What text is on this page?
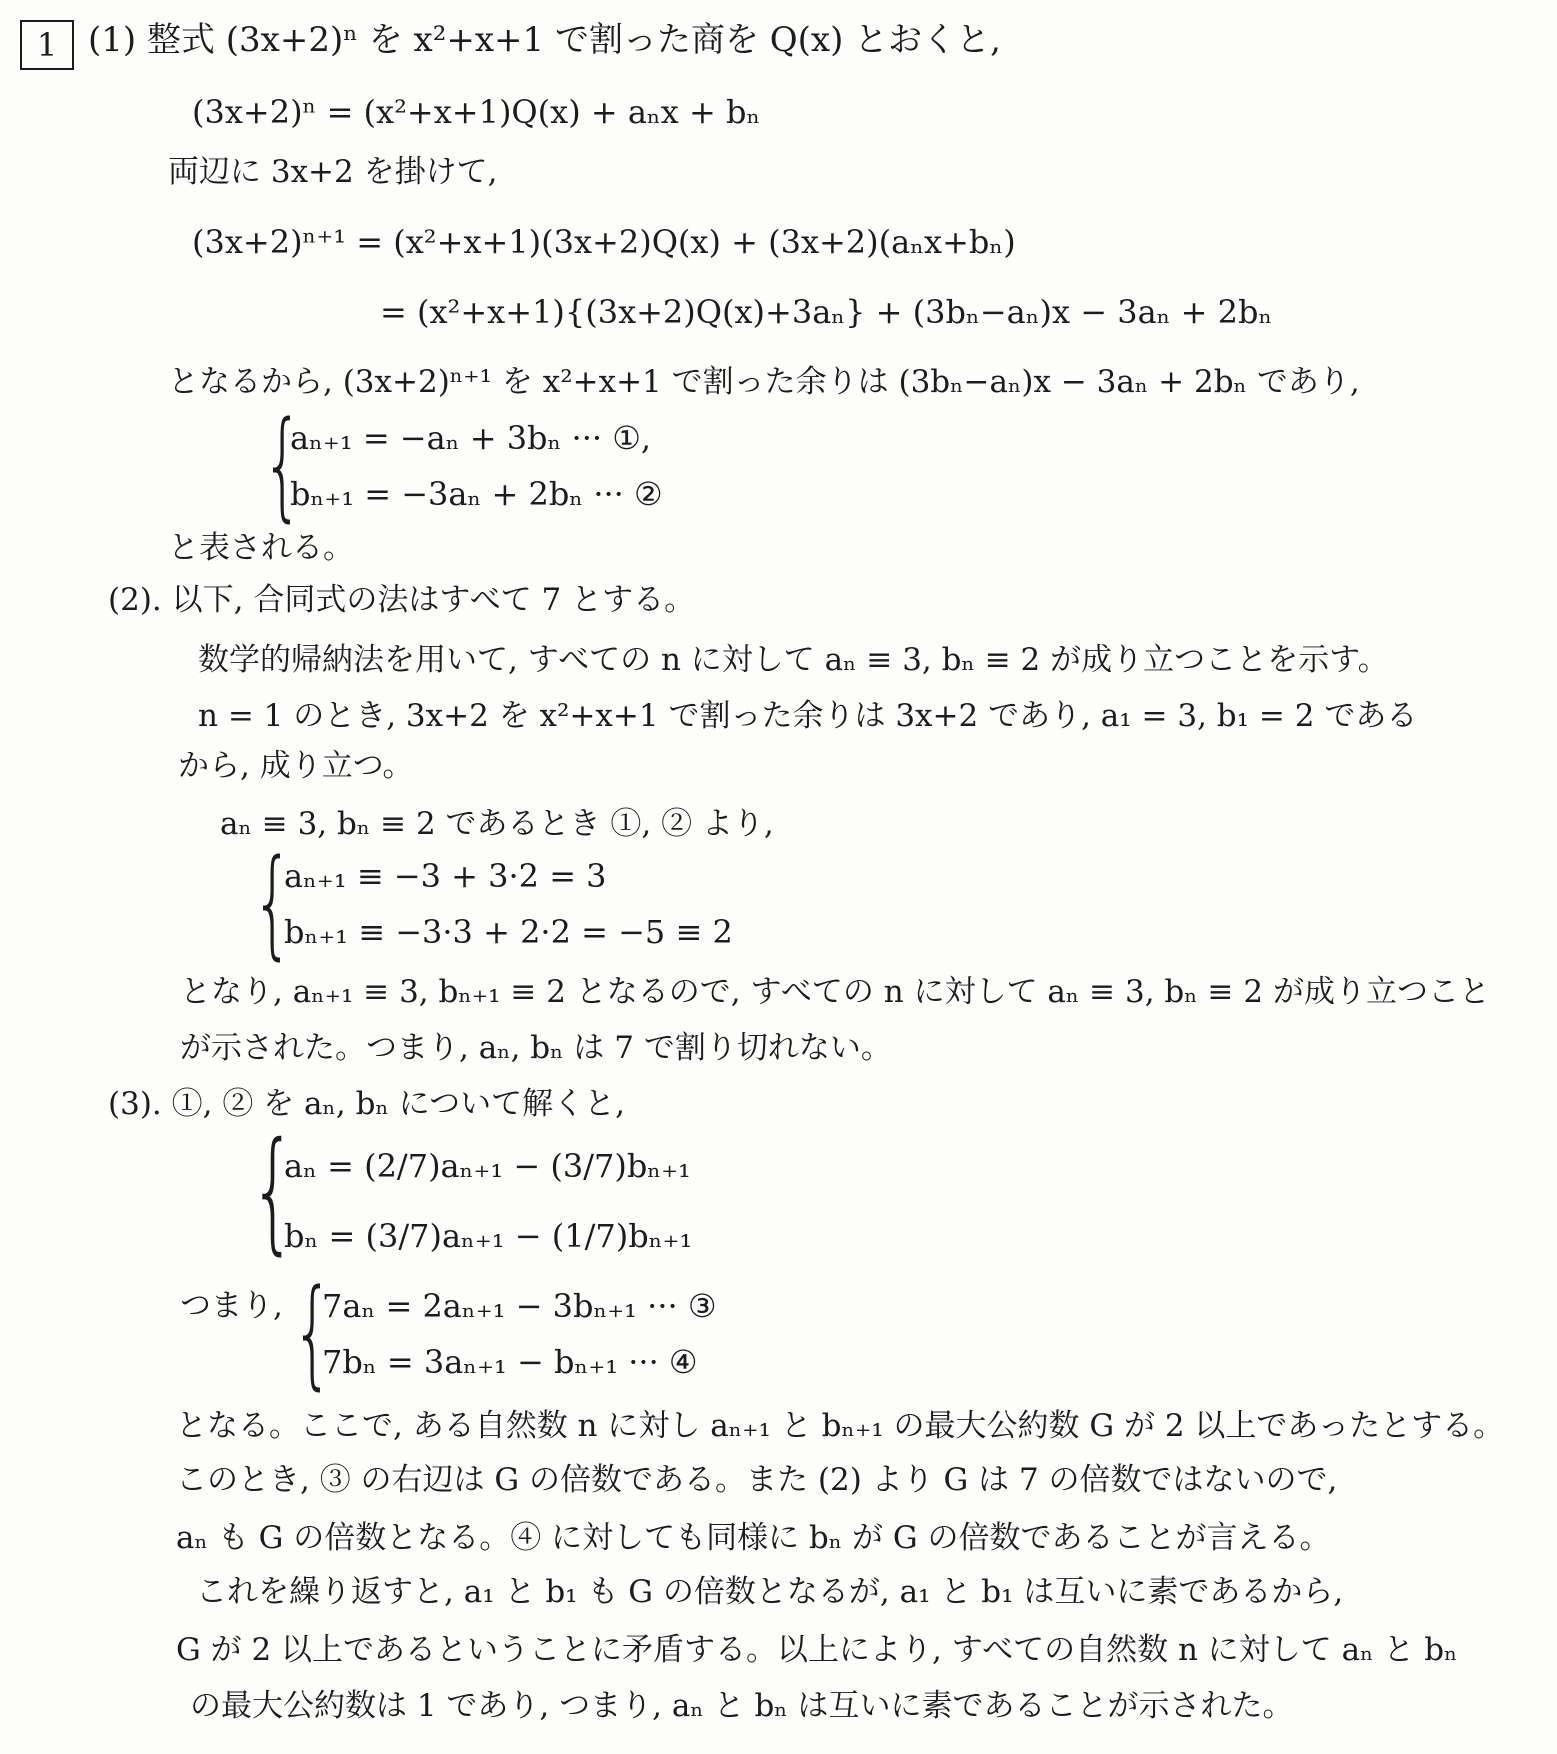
1 (1) 整式 (3x+2)ⁿ を x²+x+1 で割った商を Q(x) とおくと,
(3x+2)ⁿ = (x²+x+1)Q(x) + aₙx + bₙ
両辺に 3x+2 を掛けて,
(3x+2)ⁿ⁺¹ = (x²+x+1)(3x+2)Q(x) + (3x+2)(aₙx+bₙ)
= (x²+x+1){(3x+2)Q(x)+3aₙ} + (3bₙ−aₙ)x − 3aₙ + 2bₙ
となるから, (3x+2)ⁿ⁺¹ を x²+x+1 で割った余りは (3bₙ−aₙ)x − 3aₙ + 2bₙ であり,
{
aₙ₊₁ = −aₙ + 3bₙ ··· ①,
bₙ₊₁ = −3aₙ + 2bₙ ··· ②
と表される。
(2). 以下, 合同式の法はすべて 7 とする。
数学的帰納法を用いて, すべての n に対して aₙ ≡ 3, bₙ ≡ 2 が成り立つことを示す。
n = 1 のとき, 3x+2 を x²+x+1 で割った余りは 3x+2 であり, a₁ = 3, b₁ = 2 である
から, 成り立つ。
aₙ ≡ 3, bₙ ≡ 2 であるとき ①, ② より,
{
aₙ₊₁ ≡ −3 + 3·2 = 3
bₙ₊₁ ≡ −3·3 + 2·2 = −5 ≡ 2
となり, aₙ₊₁ ≡ 3, bₙ₊₁ ≡ 2 となるので, すべての n に対して aₙ ≡ 3, bₙ ≡ 2 が成り立つこと
が示された。つまり, aₙ, bₙ は 7 で割り切れない。
(3). ①, ② を aₙ, bₙ について解くと,
{
aₙ = (2/7)aₙ₊₁ − (3/7)bₙ₊₁
bₙ = (3/7)aₙ₊₁ − (1/7)bₙ₊₁
つまり, {
7aₙ = 2aₙ₊₁ − 3bₙ₊₁ ··· ③
7bₙ = 3aₙ₊₁ − bₙ₊₁ ··· ④
となる。ここで, ある自然数 n に対し aₙ₊₁ と bₙ₊₁ の最大公約数 G が 2 以上であったとする。
このとき, ③ の右辺は G の倍数である。また (2) より G は 7 の倍数ではないので,
aₙ も G の倍数となる。④ に対しても同様に bₙ が G の倍数であることが言える。
これを繰り返すと, a₁ と b₁ も G の倍数となるが, a₁ と b₁ は互いに素であるから,
G が 2 以上であるということに矛盾する。以上により, すべての自然数 n に対して aₙ と bₙ
の最大公約数は 1 であり, つまり, aₙ と bₙ は互いに素であることが示された。
